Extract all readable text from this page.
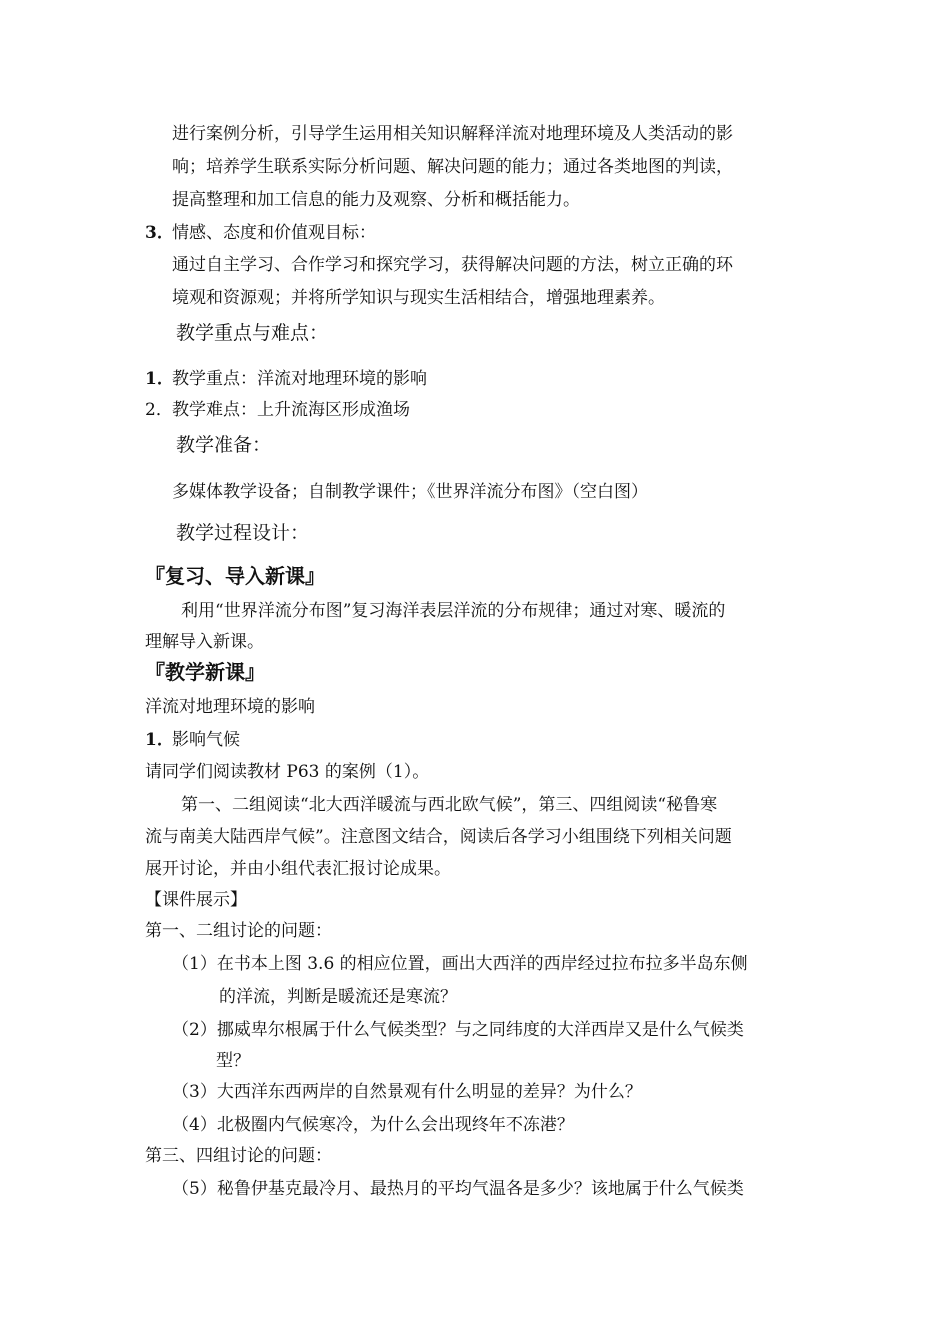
进行案例分析，引导学生运用相关知识解释洋流对地理环境及人类活动的影
响；培养学生联系实际分析问题、解决问题的能力；通过各类地图的判读，
提高整理和加工信息的能力及观察、分析和概括能力。
3．
情感、态度和价值观目标：
通过自主学习、合作学习和探究学习，获得解决问题的方法，树立正确的环
境观和资源观；并将所学知识与现实生活相结合，增强地理素养。
教学重点与难点：
1．
教学重点：洋流对地理环境的影响
2． 教学难点：上升流海区形成渔场
教学准备：
多媒体教学设备；自制教学课件；《世界洋流分布图》（空白图）
教学过程设计：
『复习、导入新课』
利用“世界洋流分布图”复习海洋表层洋流的分布规律；通过对寒、暖流的
理解导入新课。
『教学新课』
洋流对地理环境的影响
1．
影响气候
请同学们阅读教材 P63 的案例（1）。
第一、二组阅读“北大西洋暖流与西北欧气候”，第三、四组阅读“秘鲁寒
流与南美大陆西岸气候”。注意图文结合，阅读后各学习小组围绕下列相关问题
展开讨论，并由小组代表汇报讨论成果。
【课件展示】
第一、二组讨论的问题：
（1）在书本上图 3.6 的相应位置，画出大西洋的西岸经过拉布拉多半岛东侧
的洋流，判断是暖流还是寒流？
（2）挪威卑尔根属于什么气候类型？与之同纬度的大洋西岸又是什么气候类
型？
（3）大西洋东西两岸的自然景观有什么明显的差异？为什么？
（4）北极圈内气候寒冷，为什么会出现终年不冻港？
第三、四组讨论的问题：
（5）秘鲁伊基克最冷月、最热月的平均气温各是多少？该地属于什么气候类
